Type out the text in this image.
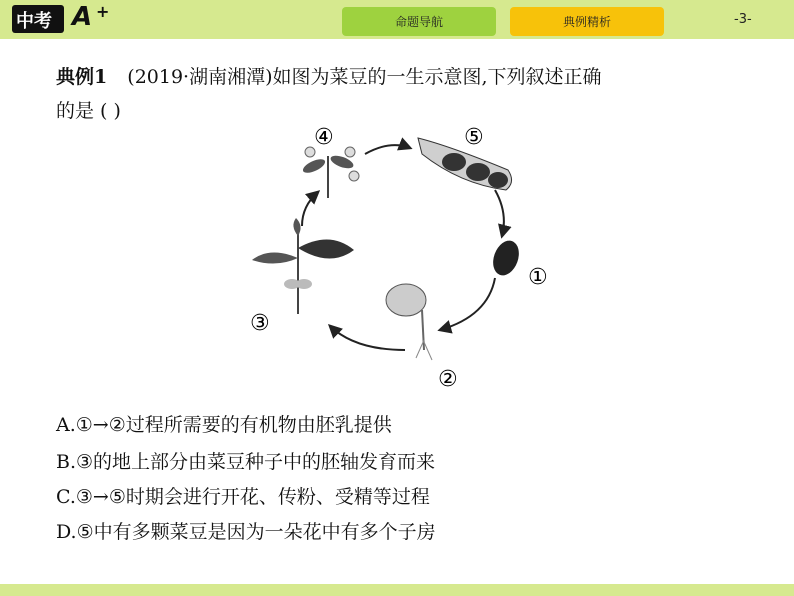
中考 A +
命题导航	典例精析	-3-
典例1 (2019·湖南湘潭)如图为菜豆的一生示意图,下列叙述正确
的是 ( )
④	⑤
①
②
③
A.①→②过程所需要的有机物由胚乳提供
B.③的地上部分由菜豆种子中的胚轴发育而来
C.③→⑤时期会进行开花、传粉、受精等过程
D.⑤中有多颗菜豆是因为一朵花中有多个子房
